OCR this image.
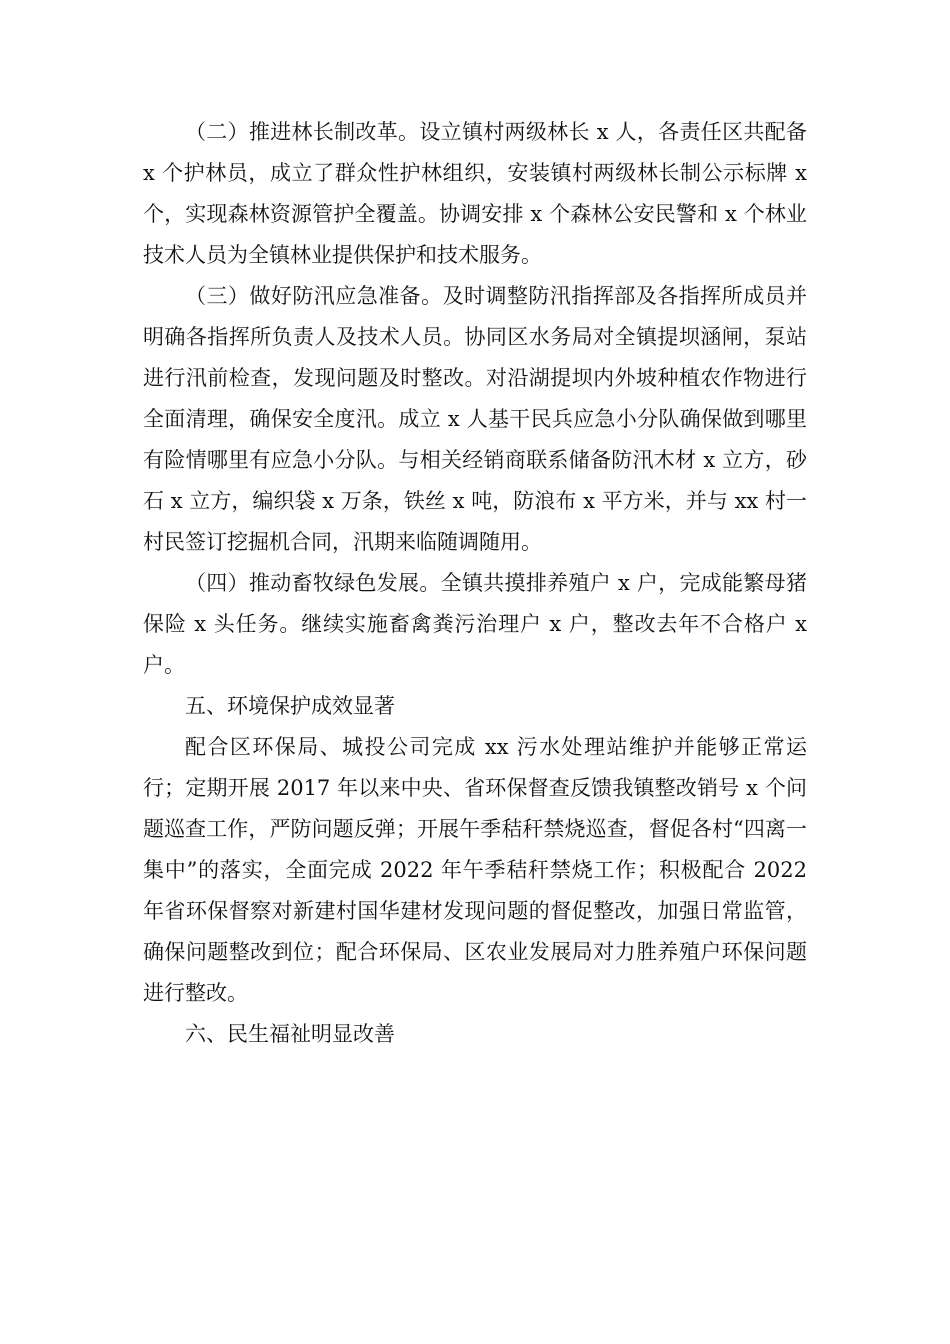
（二）推进林长制改革。设立镇村两级林长 x 人，各责任区共配备 x 个护林员，成立了群众性护林组织，安装镇村两级林长制公示标牌 x 个，实现森林资源管护全覆盖。协调安排 x 个森林公安民警和 x 个林业技术人员为全镇林业提供保护和技术服务。

（三）做好防汛应急准备。及时调整防汛指挥部及各指挥所成员并明确各指挥所负责人及技术人员。协同区水务局对全镇提坝涵闸，泵站进行汛前检查，发现问题及时整改。对沿湖提坝内外坡种植农作物进行全面清理，确保安全度汛。成立 x 人基干民兵应急小分队确保做到哪里有险情哪里有应急小分队。与相关经销商联系储备防汛木材 x 立方，砂石 x 立方，编织袋 x 万条，铁丝 x 吨，防浪布 x 平方米，并与 xx 村一村民签订挖掘机合同，汛期来临随调随用。

（四）推动畜牧绿色发展。全镇共摸排养殖户 x 户，完成能繁母猪保险 x 头任务。继续实施畜禽粪污治理户 x 户，整改去年不合格户 x 户。

五、环境保护成效显著

配合区环保局、城投公司完成 xx 污水处理站维护并能够正常运行；定期开展 2017 年以来中央、省环保督查反馈我镇整改销号 x 个问题巡查工作，严防问题反弹；开展午季秸秆禁烧巡查，督促各村“四离一集中”的落实，全面完成 2022 年午季秸秆禁烧工作；积极配合 2022 年省环保督察对新建村国华建材发现问题的督促整改，加强日常监管，确保问题整改到位；配合环保局、区农业发展局对力胜养殖户环保问题进行整改。

六、民生福祉明显改善
